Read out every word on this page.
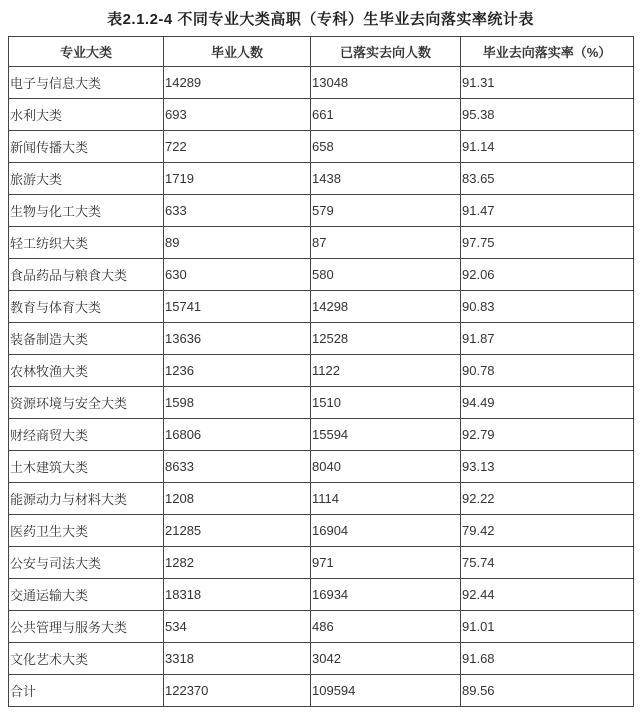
表2.1.2-4 不同专业大类高职（专科）生毕业去向落实率统计表
专业大类	毕业人数	已落实去向人数	毕业去向落实率（%）
电子与信息大类	14289	13048	91.31
水利大类	693	661	95.38
新闻传播大类	722	658	91.14
旅游大类	1719	1438	83.65
生物与化工大类	633	579	91.47
轻工纺织大类	89	87	97.75
食品药品与粮食大类	630	580	92.06
教育与体育大类	15741	14298	90.83
装备制造大类	13636	12528	91.87
农林牧渔大类	1236	1122	90.78
资源环境与安全大类	1598	1510	94.49
财经商贸大类	16806	15594	92.79
土木建筑大类	8633	8040	93.13
能源动力与材料大类	1208	1114	92.22
医药卫生大类	21285	16904	79.42
公安与司法大类	1282	971	75.74
交通运输大类	18318	16934	92.44
公共管理与服务大类	534	486	91.01
文化艺术大类	3318	3042	91.68
合计	122370	109594	89.56
